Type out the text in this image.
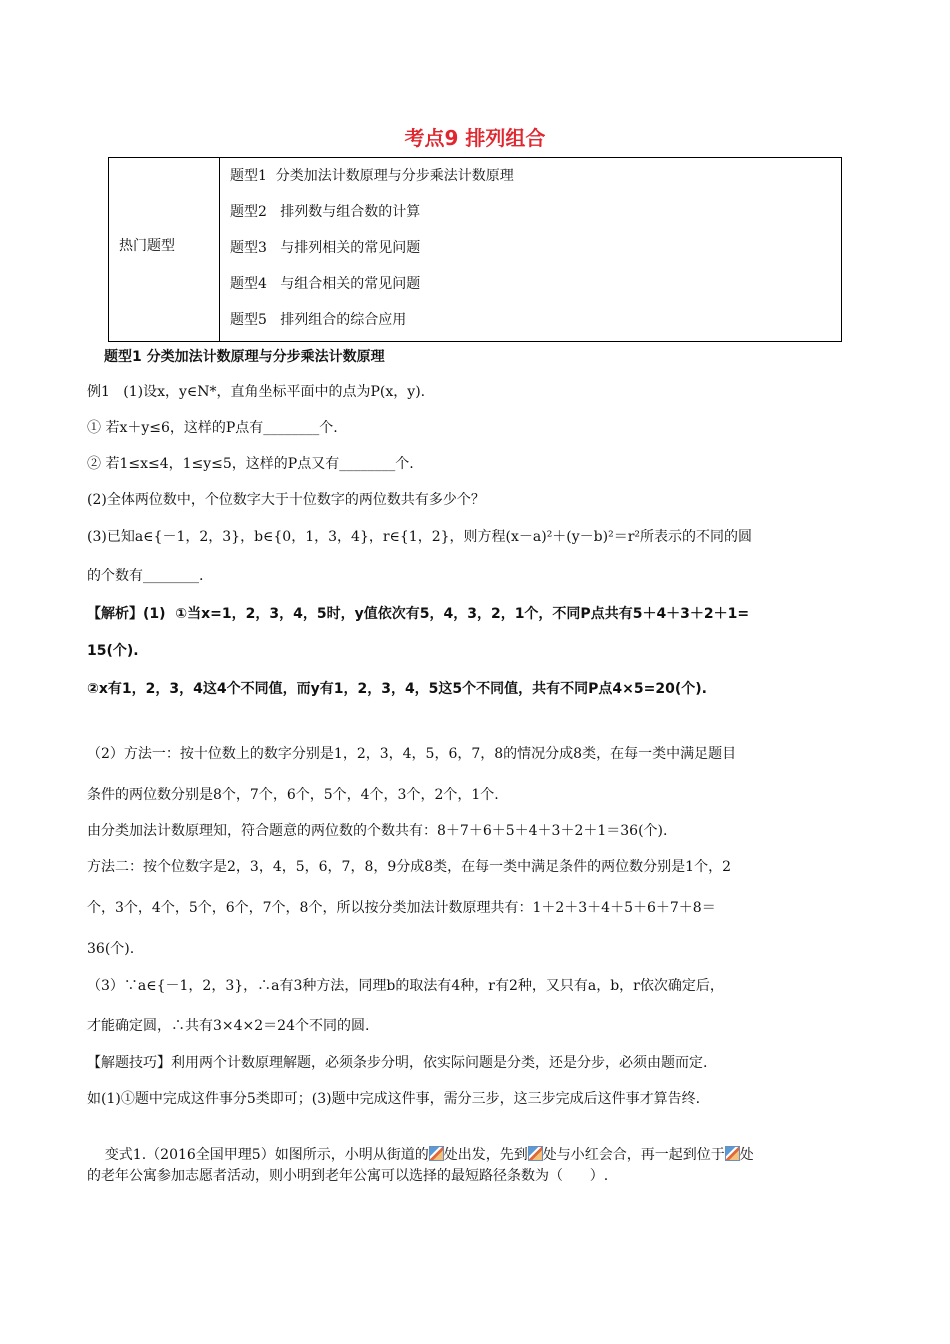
考点9 排列组合
热门题型
题型1  分类加法计数原理与分步乘法计数原理
题型2   排列数与组合数的计算
题型3   与排列相关的常见问题
题型4   与组合相关的常见问题
题型5   排列组合的综合应用
题型1 分类加法计数原理与分步乘法计数原理
例1   (1)设x，y∈N*，直角坐标平面中的点为P(x，y).
① 若x＋y≤6，这样的P点有________个.
② 若1≤x≤4，1≤y≤5，这样的P点又有________个.
(2)全体两位数中，个位数字大于十位数字的两位数共有多少个？
(3)已知a∈{－1，2，3}，b∈{0，1，3，4}，r∈{1，2}，则方程(x－a)²＋(y－b)²＝r²所表示的不同的圆
的个数有________.
【解析】(1)  ①当x=1，2，3，4，5时，y值依次有5，4，3，2，1个，不同P点共有5＋4＋3＋2＋1=
15(个).
②x有1，2，3，4这4个不同值，而y有1，2，3，4，5这5个不同值，共有不同P点4×5=20(个).
（2）方法一：按十位数上的数字分别是1，2，3，4，5，6，7，8的情况分成8类，在每一类中满足题目
条件的两位数分别是8个，7个，6个，5个，4个，3个，2个，1个.
由分类加法计数原理知，符合题意的两位数的个数共有：8＋7＋6＋5＋4＋3＋2＋1＝36(个).
方法二：按个位数字是2，3，4，5，6，7，8，9分成8类，在每一类中满足条件的两位数分别是1个，2
个，3个，4个，5个，6个，7个，8个，所以按分类加法计数原理共有：1＋2＋3＋4＋5＋6＋7＋8＝
36(个).
（3）∵a∈{－1，2，3}，∴a有3种方法，同理b的取法有4种，r有2种，又只有a，b，r依次确定后，
才能确定圆，∴共有3×4×2＝24个不同的圆.
【解题技巧】利用两个计数原理解题，必须条步分明，依实际问题是分类，还是分步，必须由题而定.
如(1)①题中完成这件事分5类即可；(3)题中完成这件事，需分三步，这三步完成后这件事才算告终.

变式1.（2016全国甲理5）如图所示，小明从街道的 处出发，先到 处与小红会合，再一起到位于 处

的老年公寓参加志愿者活动，则小明到老年公寓可以选择的最短路径条数为（      ）.
